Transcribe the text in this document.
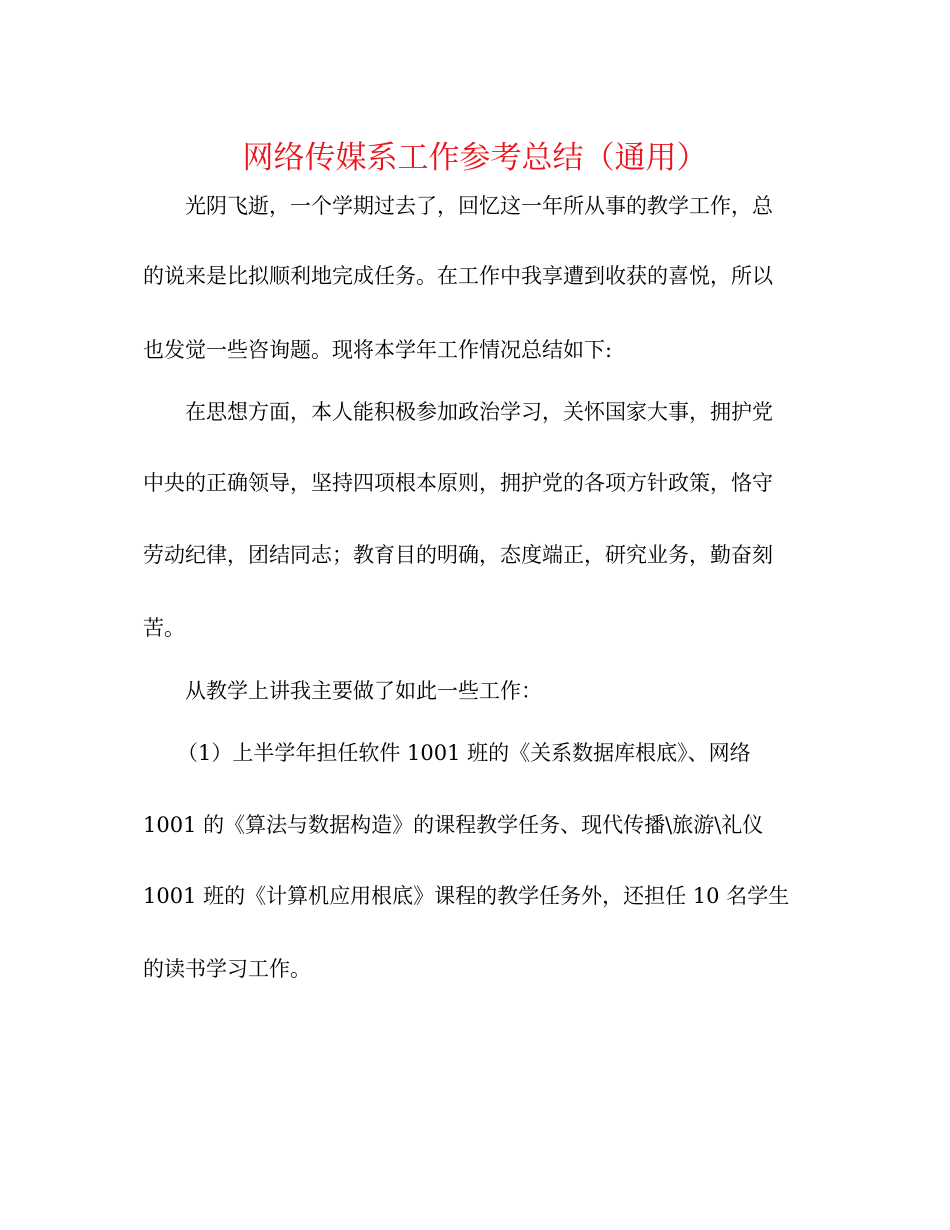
网络传媒系工作参考总结（通用）
光阴飞逝，一个学期过去了，回忆这一年所从事的教学工作，总
的说来是比拟顺利地完成任务。在工作中我享遭到收获的喜悦，所以
也发觉一些咨询题。现将本学年工作情况总结如下:
在思想方面，本人能积极参加政治学习，关怀国家大事，拥护党
中央的正确领导，坚持四项根本原则，拥护党的各项方针政策，恪守
劳动纪律，团结同志；教育目的明确，态度端正，研究业务，勤奋刻
苦。
从教学上讲我主要做了如此一些工作：
（1）上半学年担任软件 1001 班的《关系数据库根底》、网络
1001 的《算法与数据构造》的课程教学任务、现代传播\旅游\礼仪
1001 班的《计算机应用根底》课程的教学任务外，还担任 10 名学生
的读书学习工作。
